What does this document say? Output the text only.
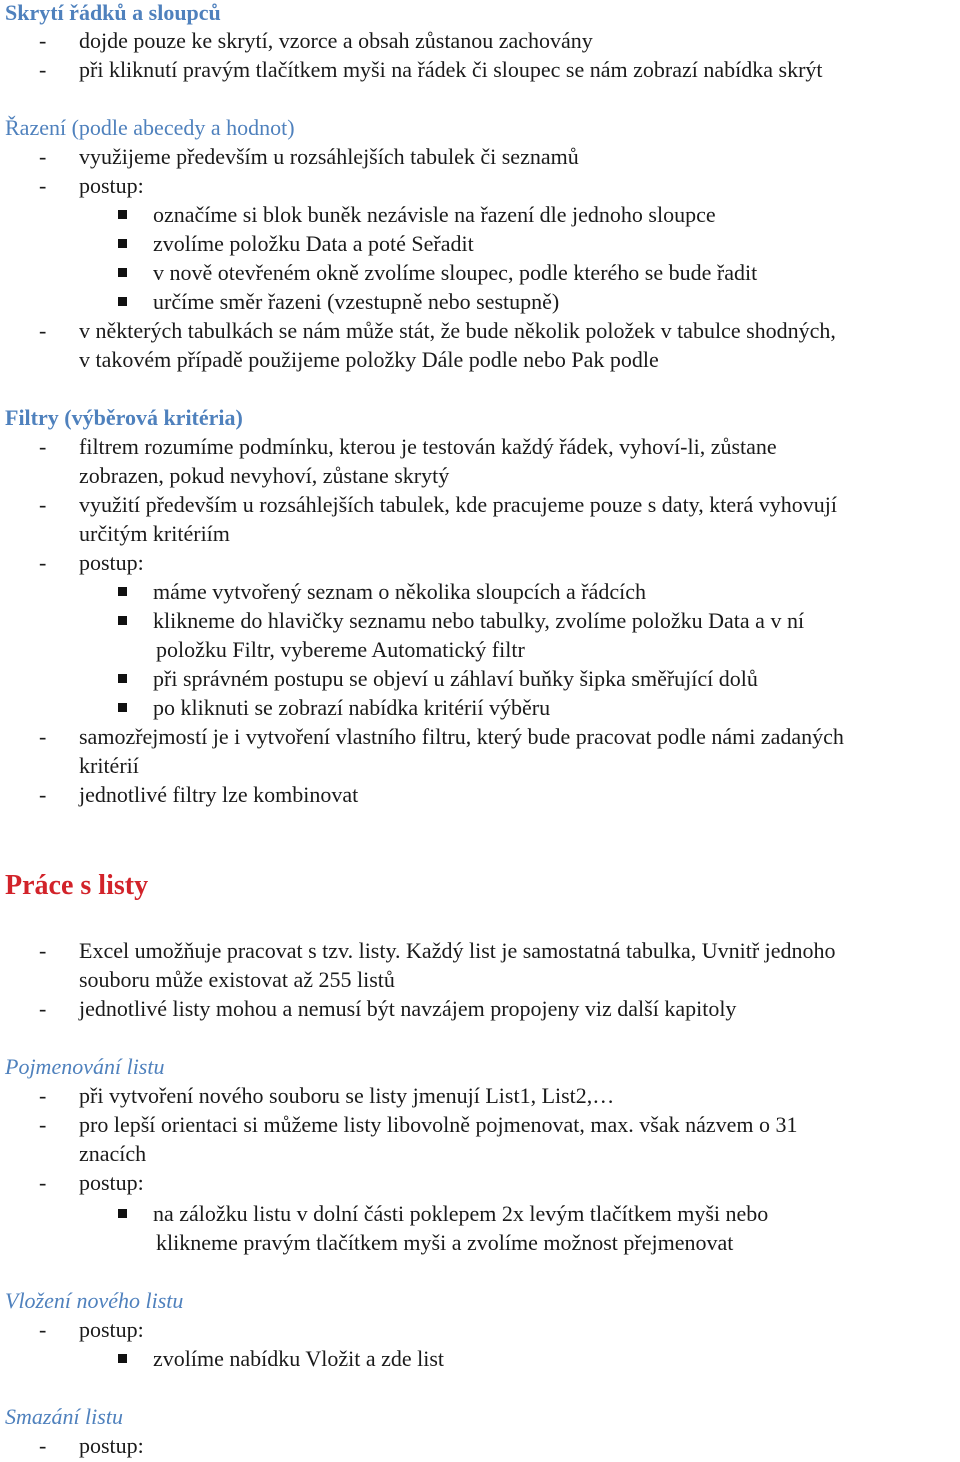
Skrytí řádků a sloupců
- dojde pouze ke skrytí, vzorce a obsah zůstanou zachovány
- při kliknutí pravým tlačítkem myši na řádek či sloupec se nám zobrazí nabídka skrýt
Řazení (podle abecedy a hodnot)
- využijeme především u rozsáhlejších tabulek či seznamů
- postup:
označíme si blok buněk nezávisle na řazení dle jednoho sloupce
zvolíme položku Data a poté Seřadit
v nově otevřeném okně zvolíme sloupec, podle kterého se bude řadit
určíme směr řazeni (vzestupně nebo sestupně)
- v některých tabulkách se nám může stát, že bude několik položek v tabulce shodných,
v takovém případě použijeme položky Dále podle nebo Pak podle
Filtry (výběrová kritéria)
- filtrem rozumíme podmínku, kterou je testován každý řádek, vyhoví-li, zůstane
zobrazen, pokud nevyhoví, zůstane skrytý
- využití především u rozsáhlejších tabulek, kde pracujeme pouze s daty, která vyhovují
určitým kritériím
- postup:
máme vytvořený seznam o několika sloupcích a řádcích
klikneme do hlavičky seznamu nebo tabulky, zvolíme položku Data a v ní
položku Filtr, vybereme Automatický filtr
při správném postupu se objeví u záhlaví buňky šipka směřující dolů
po kliknuti se zobrazí nabídka kritérií výběru
- samozřejmostí je i vytvoření vlastního filtru, který bude pracovat podle námi zadaných
kritérií
- jednotlivé filtry lze kombinovat
Práce s listy
- Excel umožňuje pracovat s tzv. listy. Každý list je samostatná tabulka, Uvnitř jednoho
souboru může existovat až 255 listů
- jednotlivé listy mohou a nemusí být navzájem propojeny viz další kapitoly
Pojmenování listu
- při vytvoření nového souboru se listy jmenují List1, List2,…
- pro lepší orientaci si můžeme listy libovolně pojmenovat, max. však názvem o 31
znacích
- postup:
na záložku listu v dolní části poklepem 2x levým tlačítkem myši nebo
klikneme pravým tlačítkem myši a zvolíme možnost přejmenovat
Vložení nového listu
- postup:
zvolíme nabídku Vložit a zde list
Smazání listu
- postup:
